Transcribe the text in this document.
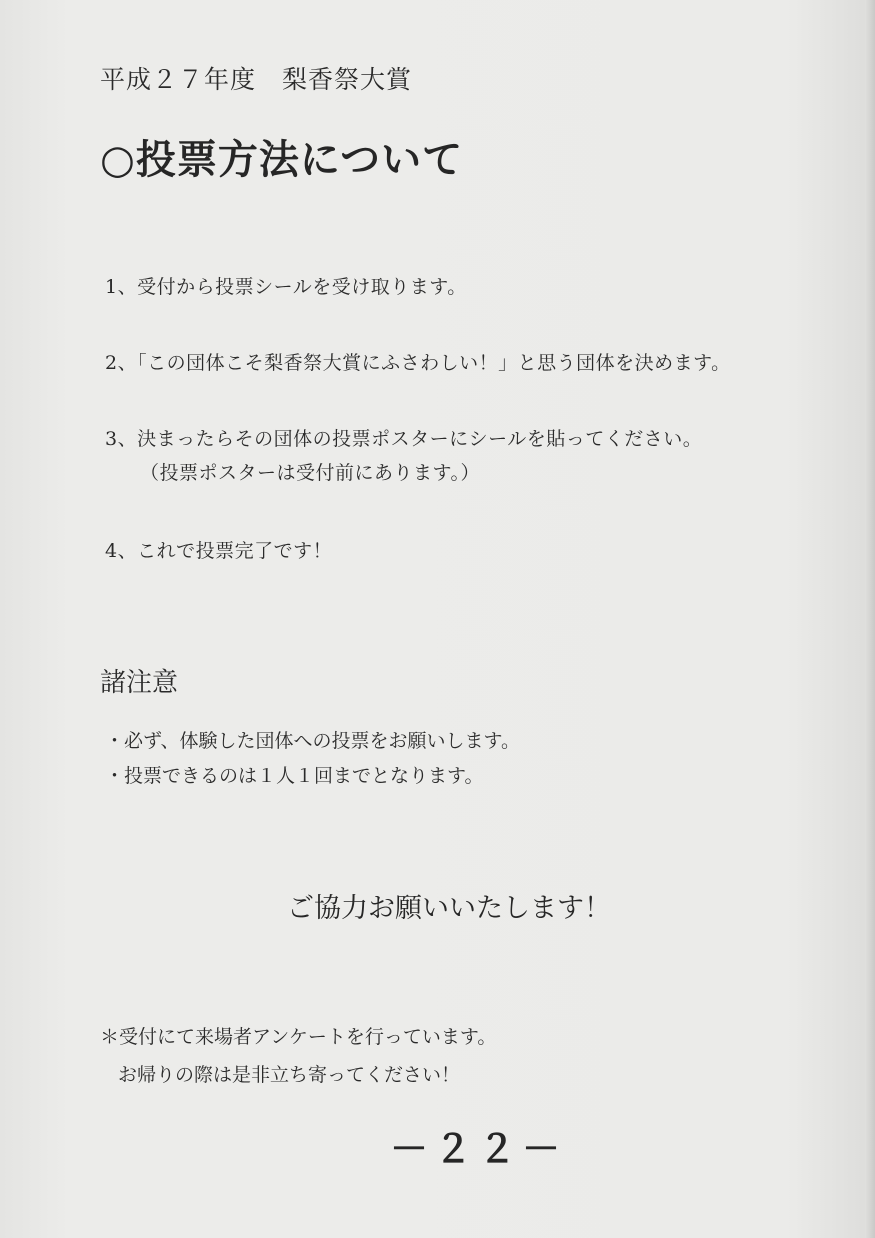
平成２７年度　梨香祭大賞
○投票方法について
1、受付から投票シールを受け取ります。
2、「この団体こそ梨香祭大賞にふさわしい！」と思う団体を決めます。
3、決まったらその団体の投票ポスターにシールを貼ってください。
（投票ポスターは受付前にあります。）
4、これで投票完了です！
諸注意
・必ず、体験した団体への投票をお願いします。
・投票できるのは１人１回までとなります。
ご協力お願いいたします！
＊受付にて来場者アンケートを行っています。
お帰りの際は是非立ち寄ってください！
－２２－
